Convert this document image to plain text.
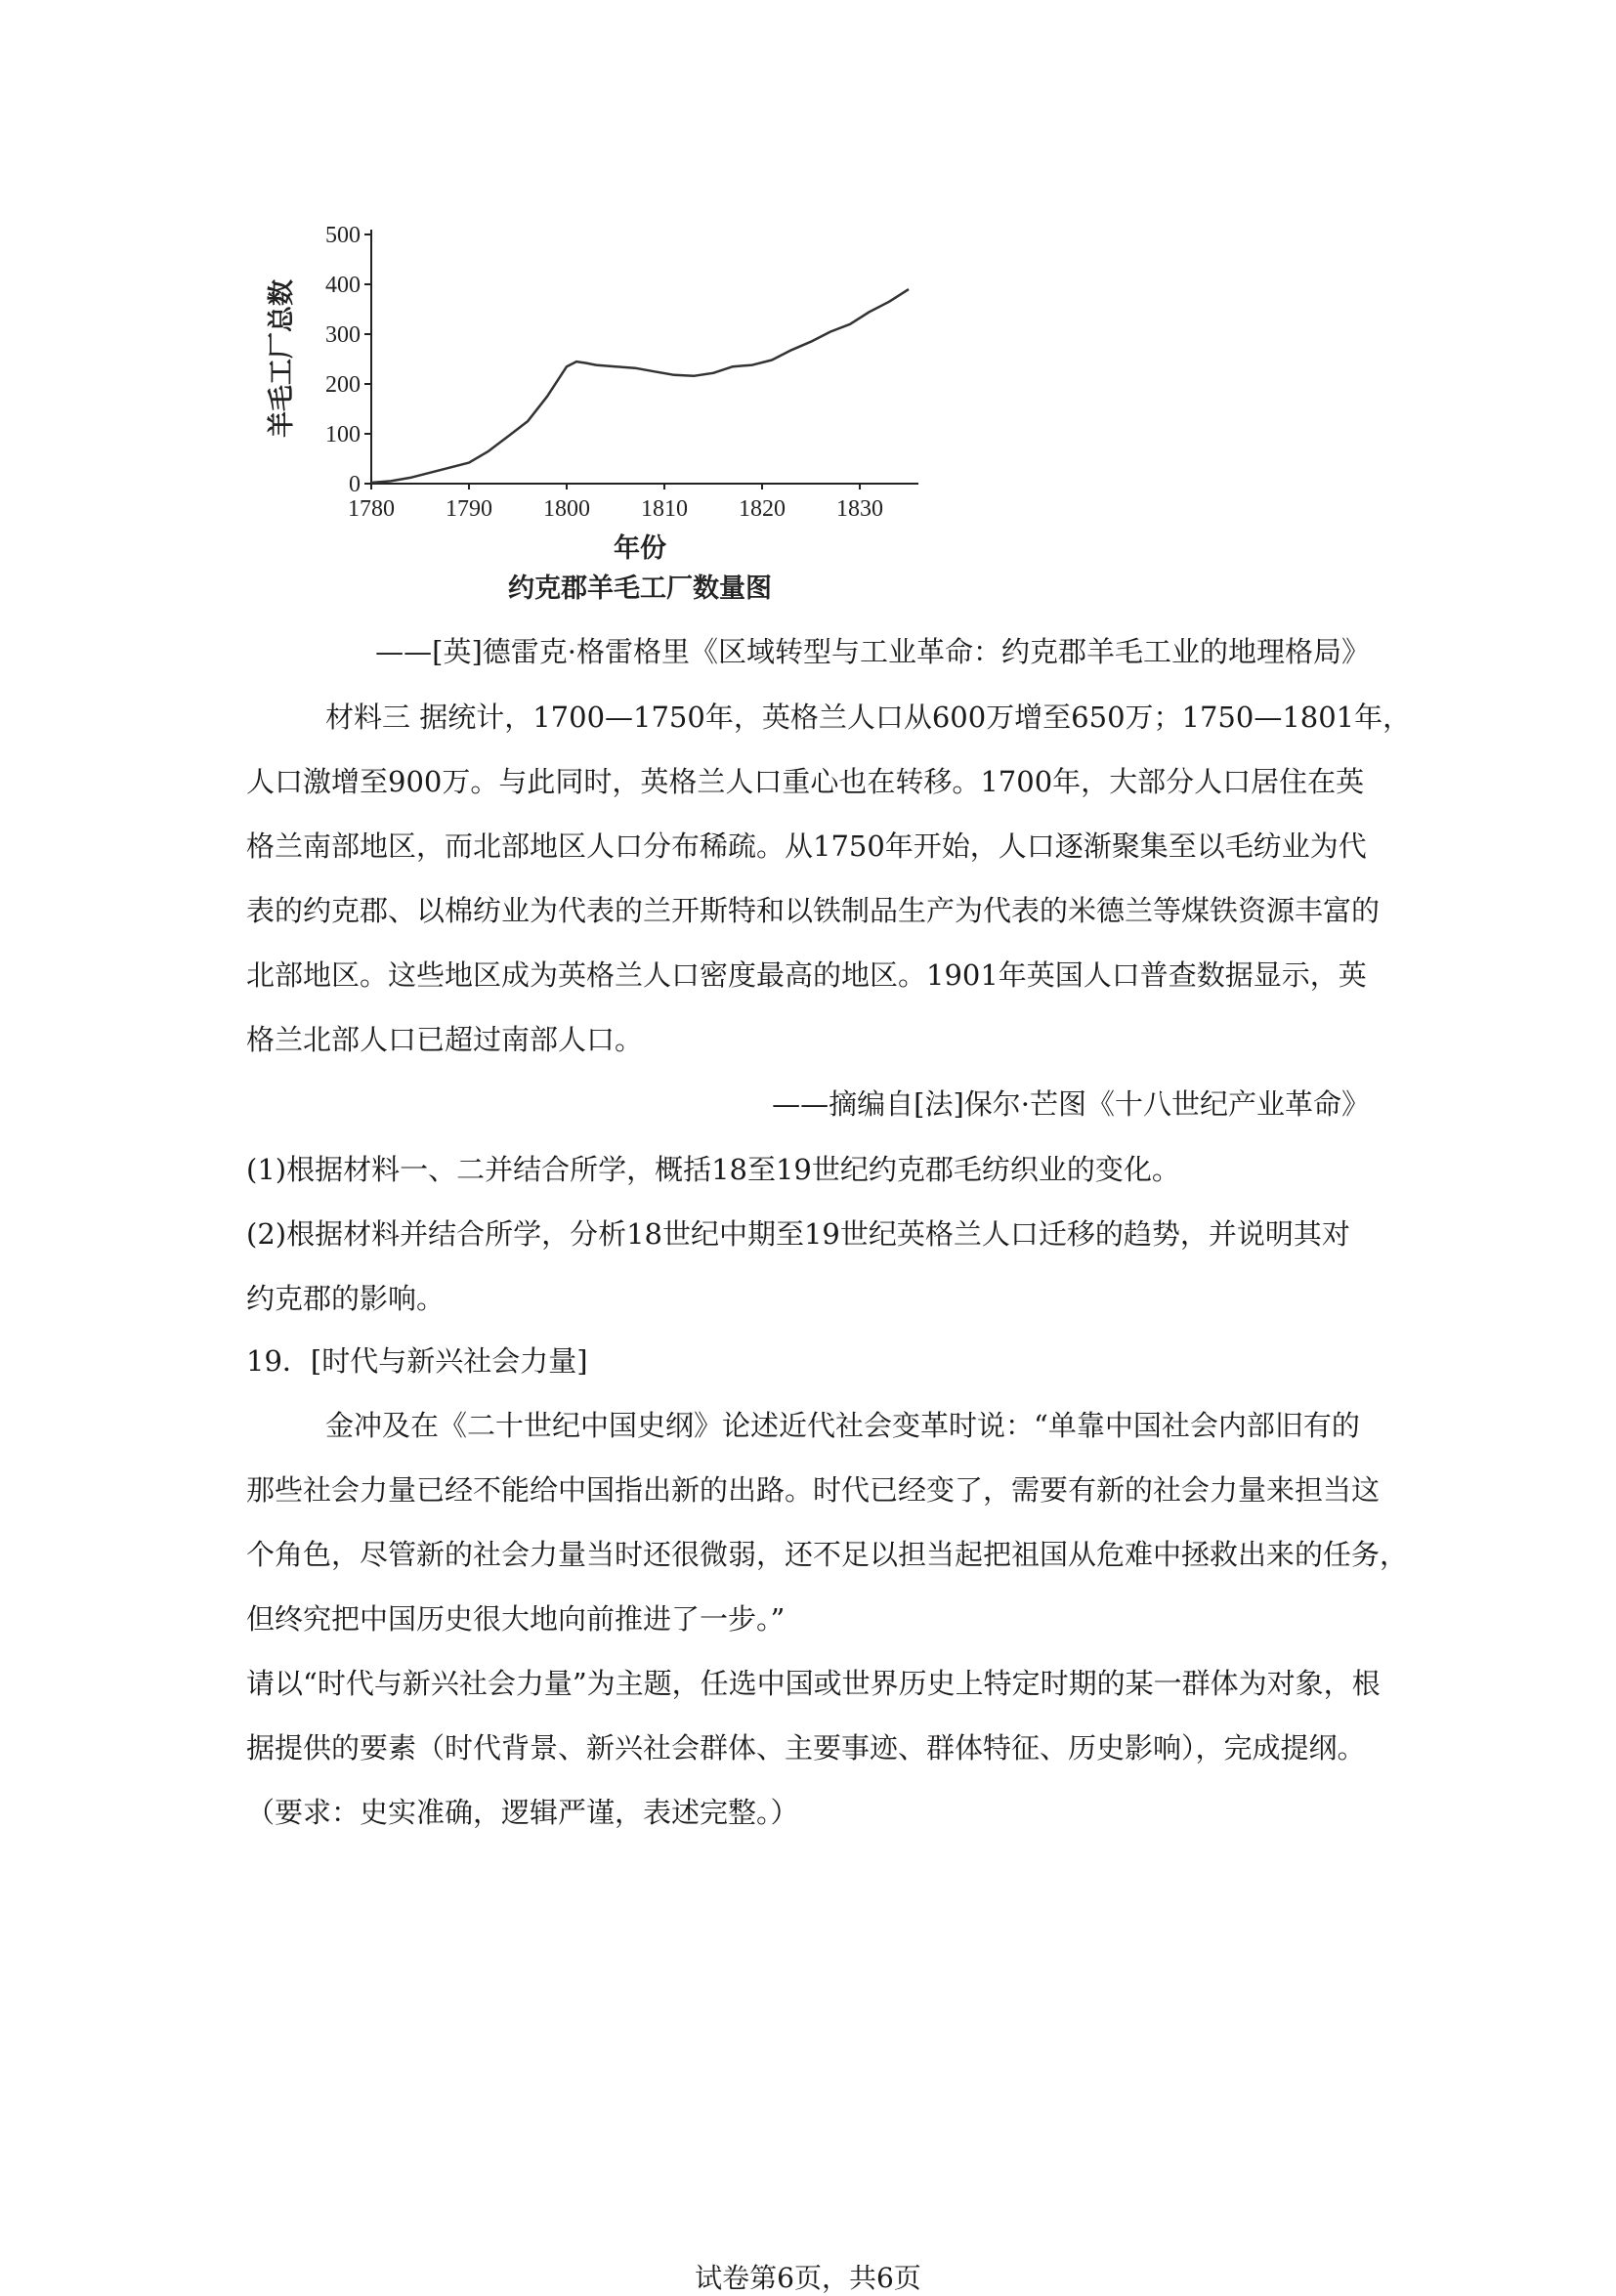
0
100
200
300
400
500
1780 1790 1800 1810 1820 1830
羊毛工厂总数
年份
约克郡羊毛工厂数量图
——[英]德雷克·格雷格里《区域转型与工业革命：约克郡羊毛工业的地理格局》
材料三 据统计，1700—1750年，英格兰人口从600万增至650万；1750—1801年，
人口激增至900万。与此同时，英格兰人口重心也在转移。1700年，大部分人口居住在英
格兰南部地区，而北部地区人口分布稀疏。从1750年开始，人口逐渐聚集至以毛纺业为代
表的约克郡、以棉纺业为代表的兰开斯特和以铁制品生产为代表的米德兰等煤铁资源丰富的
北部地区。这些地区成为英格兰人口密度最高的地区。1901年英国人口普查数据显示，英
格兰北部人口已超过南部人口。
——摘编自[法]保尔·芒图《十八世纪产业革命》
(1)根据材料一、二并结合所学，概括18至19世纪约克郡毛纺织业的变化。
(2)根据材料并结合所学，分析18世纪中期至19世纪英格兰人口迁移的趋势，并说明其对
约克郡的影响。
19．[时代与新兴社会力量]
金冲及在《二十世纪中国史纲》论述近代社会变革时说：“单靠中国社会内部旧有的
那些社会力量已经不能给中国指出新的出路。时代已经变了，需要有新的社会力量来担当这
个角色，尽管新的社会力量当时还很微弱，还不足以担当起把祖国从危难中拯救出来的任务，
但终究把中国历史很大地向前推进了一步。”
请以“时代与新兴社会力量”为主题，任选中国或世界历史上特定时期的某一群体为对象，根
据提供的要素（时代背景、新兴社会群体、主要事迹、群体特征、历史影响），完成提纲。
（要求：史实准确，逻辑严谨，表述完整。）
试卷第6页，共6页
